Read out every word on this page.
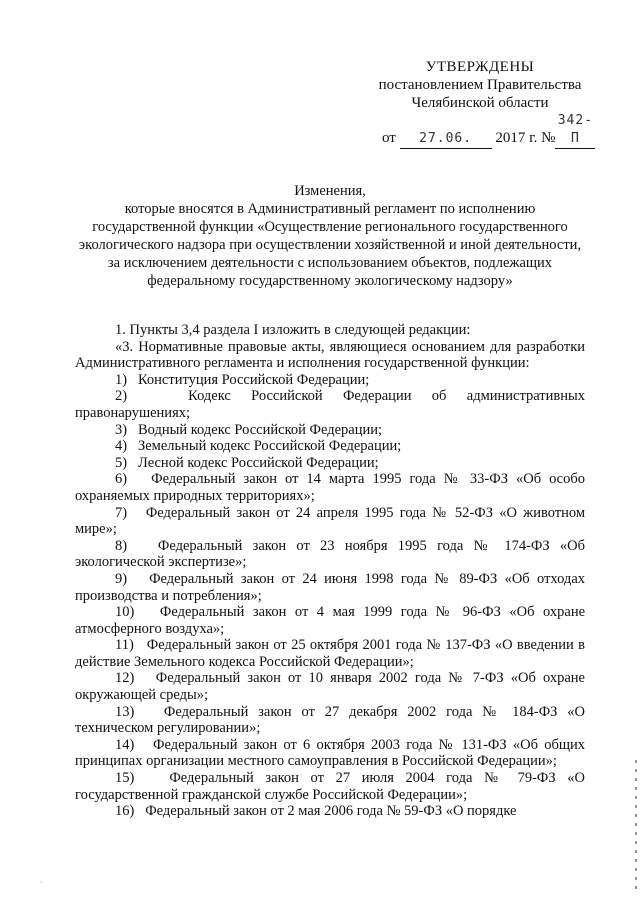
УТВЕРЖДЕНЫ
постановлением Правительства
Челябинской области
от 27.06. 2017 г. №342-П
Изменения,
которые вносятся в Административный регламент по исполнению государственной функции «Осуществление регионального государственного экологического надзора при осуществлении хозяйственной и иной деятельности, за исключением деятельности с использованием объектов, подлежащих федеральному государственному экологическому надзору»

1. Пункты 3,4 раздела I изложить в следующей редакции:

«3. Нормативные правовые акты, являющиеся основанием для разработки Административного регламента и исполнения государственной функции:

1) Конституция Российской Федерации;

2)	Кодекс Российской Федерации об административных правонарушениях;

3) Водный кодекс Российской Федерации;

4) Земельный кодекс Российской Федерации;

5) Лесной кодекс Российской Федерации;

6) Федеральный закон от 14 марта 1995 года № 33-ФЗ «Об особо охраняемых природных территориях»;

7) Федеральный закон от 24 апреля 1995 года № 52-ФЗ «О животном мире»;

8) Федеральный закон от 23 ноября 1995 года № 174-ФЗ «Об экологической экспертизе»;

9) Федеральный закон от 24 июня 1998 года № 89-ФЗ «Об отходах производства и потребления»;

10) Федеральный закон от 4 мая 1999 года № 96-ФЗ «Об охране атмосферного воздуха»;

11) Федеральный закон от 25 октября 2001 года № 137-ФЗ «О введении в действие Земельного кодекса Российской Федерации»;

12) Федеральный закон от 10 января 2002 года № 7-ФЗ «Об охране окружающей среды»;

13) Федеральный закон от 27 декабря 2002 года № 184-ФЗ «О техническом регулировании»;

14) Федеральный закон от 6 октября 2003 года № 131-ФЗ «Об общих принципах организации местного самоуправления в Российской Федерации»;

15) Федеральный закон от 27 июля 2004 года № 79-ФЗ «О государственной гражданской службе Российской Федерации»;

16) Федеральный закон от 2 мая 2006 года № 59-ФЗ «О порядке

·
